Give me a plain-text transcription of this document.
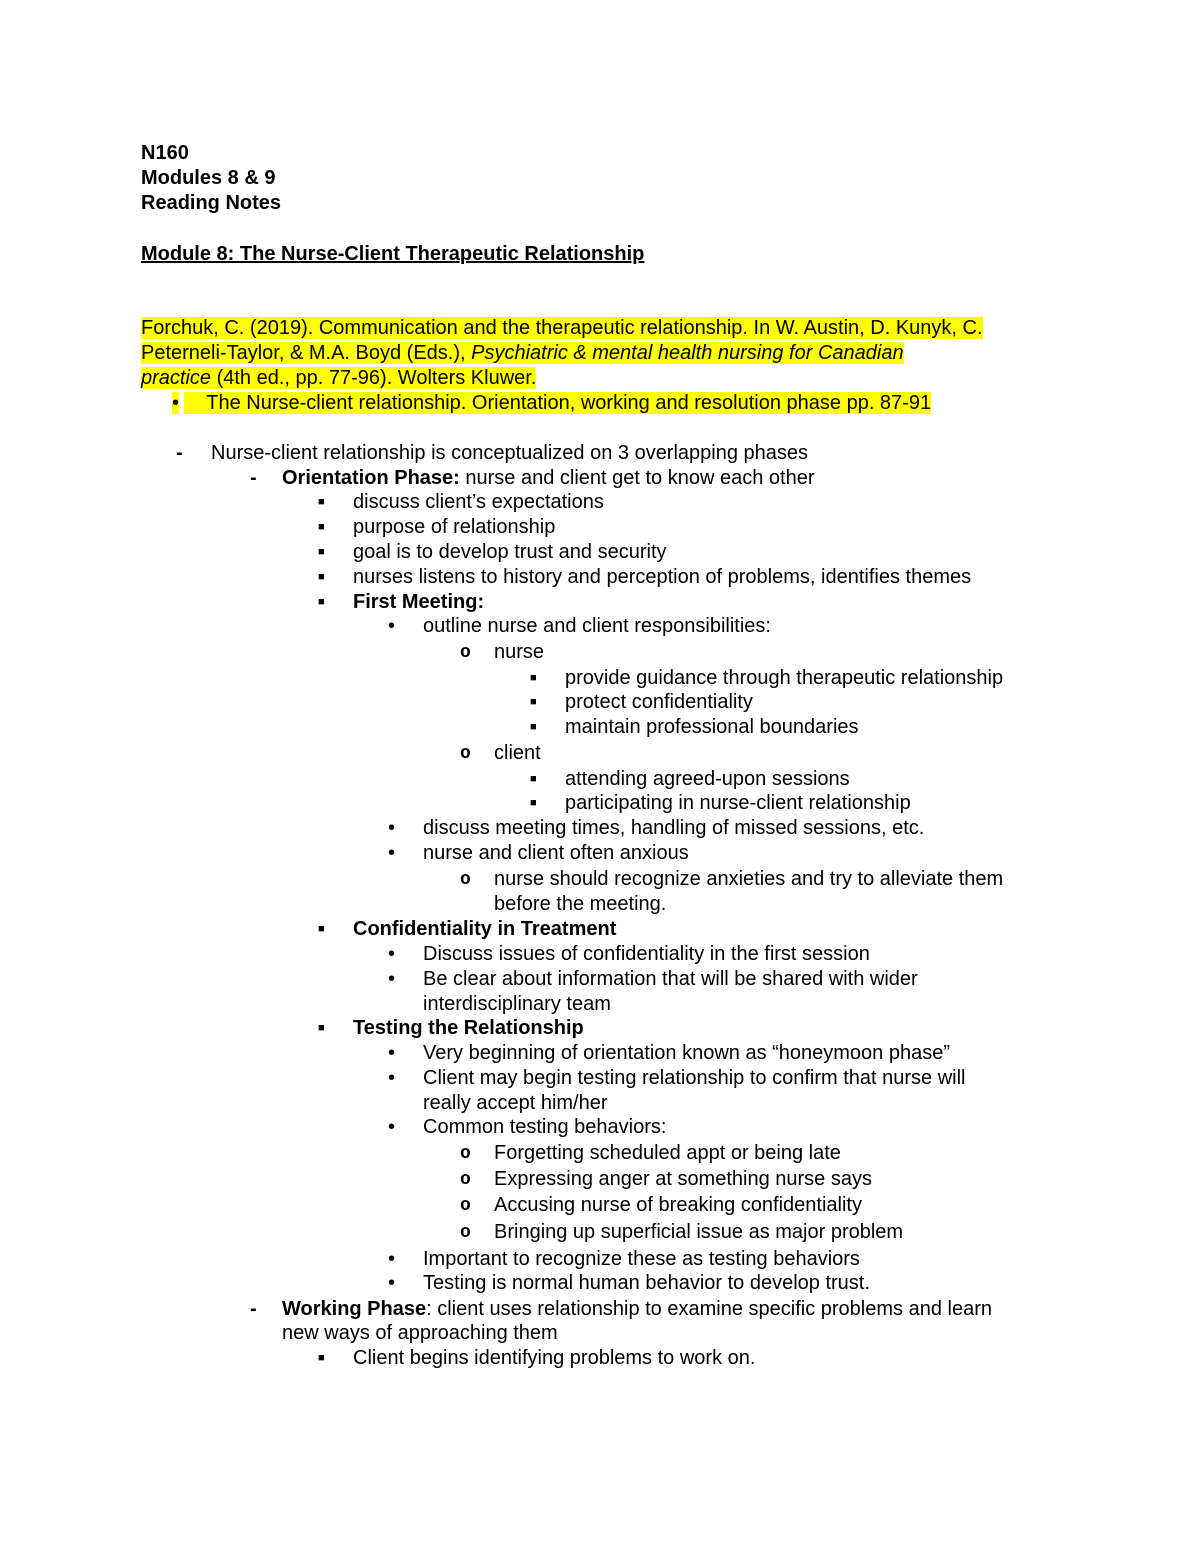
N160
Modules 8 & 9
Reading Notes
Module 8: The Nurse-Client Therapeutic Relationship
Forchuk, C. (2019). Communication and the therapeutic relationship. In W. Austin, D. Kunyk, C.
Peterneli-Taylor, & M.A. Boyd (Eds.), Psychiatric & mental health nursing for Canadian
practice (4th ed., pp. 77-96). Wolters Kluwer.
•	The Nurse-client relationship. Orientation, working and resolution phase pp. 87-91
- Nurse-client relationship is conceptualized on 3 overlapping phases
- Orientation Phase: nurse and client get to know each other
■ discuss client’s expectations
■ purpose of relationship
■ goal is to develop trust and security
■ nurses listens to history and perception of problems, identifies themes
■ First Meeting:
• outline nurse and client responsibilities:
o nurse
■ provide guidance through therapeutic relationship
■ protect confidentiality
■ maintain professional boundaries
o client
■ attending agreed-upon sessions
■ participating in nurse-client relationship
• discuss meeting times, handling of missed sessions, etc.
• nurse and client often anxious
o nurse should recognize anxieties and try to alleviate them
before the meeting.
■ Confidentiality in Treatment
• Discuss issues of confidentiality in the first session
• Be clear about information that will be shared with wider
interdisciplinary team
■ Testing the Relationship
• Very beginning of orientation known as “honeymoon phase”
• Client may begin testing relationship to confirm that nurse will
really accept him/her
• Common testing behaviors:
o Forgetting scheduled appt or being late
o Expressing anger at something nurse says
o Accusing nurse of breaking confidentiality
o Bringing up superficial issue as major problem
• Important to recognize these as testing behaviors
• Testing is normal human behavior to develop trust.
- Working Phase: client uses relationship to examine specific problems and learn
new ways of approaching them
■ Client begins identifying problems to work on.
